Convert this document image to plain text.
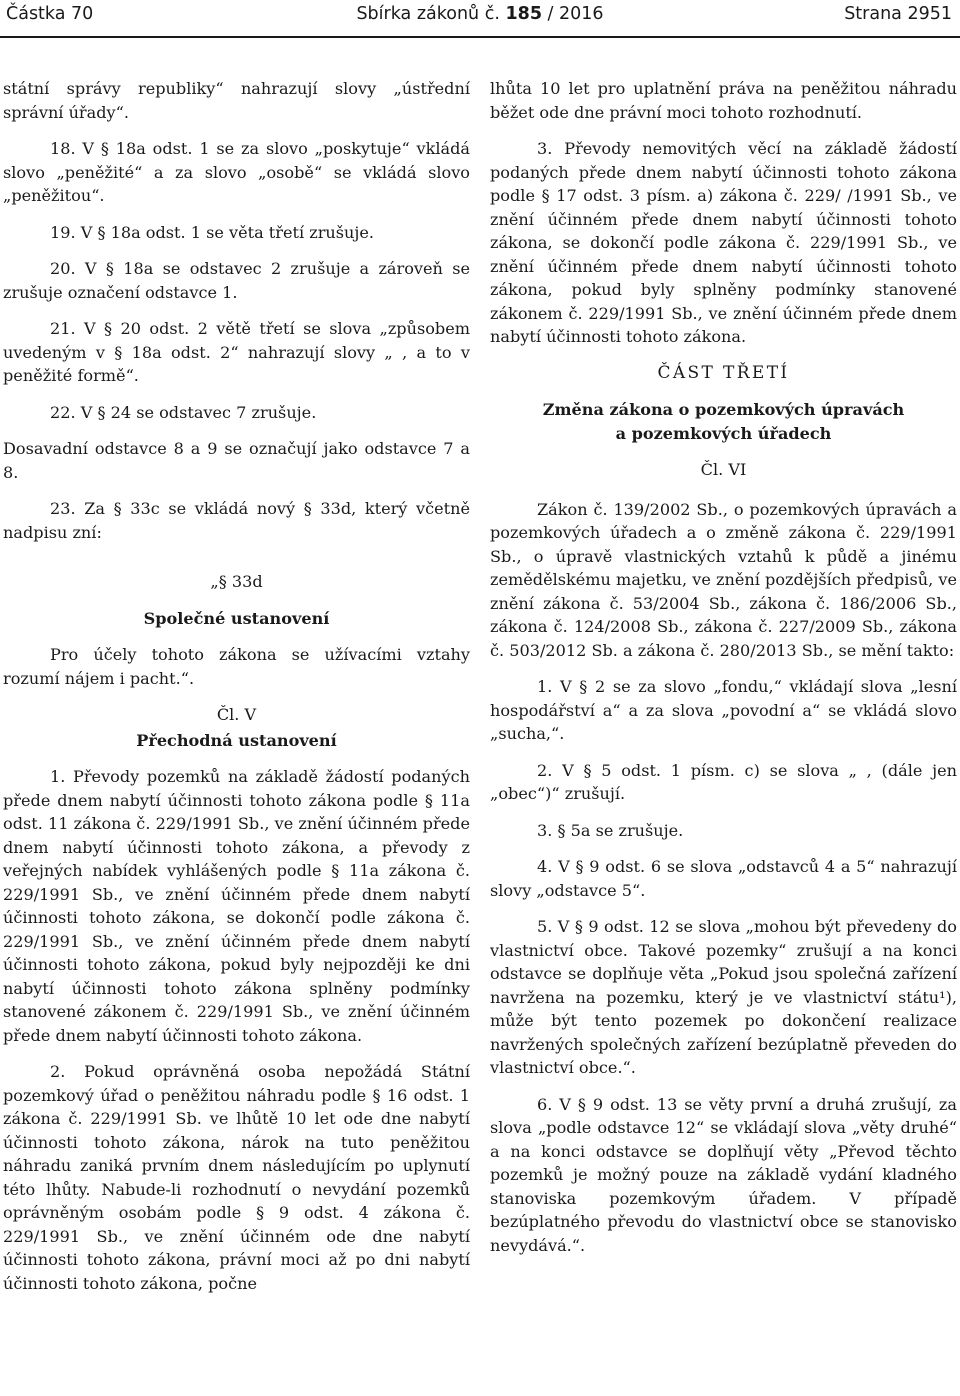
Částka 70	Sbírka zákonů č. 185 / 2016	Strana 2951

státní správy republiky“ nahrazují slovy „ústřední správní úřady“.

18. V § 18a odst. 1 se za slovo „poskytuje“ vkládá slovo „peněžité“ a za slovo „osobě“ se vkládá slovo „peněžitou“.

19. V § 18a odst. 1 se věta třetí zrušuje.

20. V § 18a se odstavec 2 zrušuje a zároveň se zrušuje označení odstavce 1.

21. V § 20 odst. 2 větě třetí se slova „způsobem uvedeným v § 18a odst. 2“ nahrazují slovy „ , a to v peněžité formě“.

22. V § 24 se odstavec 7 zrušuje.

Dosavadní odstavce 8 a 9 se označují jako odstavce 7 a 8.

23. Za § 33c se vkládá nový § 33d, který včetně nadpisu zní:

„§ 33d

Společné ustanovení

Pro účely tohoto zákona se užívacími vztahy rozumí nájem i pacht.“.

Čl. V

Přechodná ustanovení

1. Převody pozemků na základě žádostí podaných přede dnem nabytí účinnosti tohoto zákona podle § 11a odst. 11 zákona č. 229/1991 Sb., ve znění účinném přede dnem nabytí účinnosti tohoto zákona, a převody z veřejných nabídek vyhlášených podle § 11a zákona č. 229/1991 Sb., ve znění účinném přede dnem nabytí účinnosti tohoto zákona, se dokončí podle zákona č. 229/1991 Sb., ve znění účinném přede dnem nabytí účinnosti tohoto zákona, pokud byly nejpozději ke dni nabytí účinnosti tohoto zákona splněny podmínky stanovené zákonem č. 229/1991 Sb., ve znění účinném přede dnem nabytí účinnosti tohoto zákona.

2. Pokud oprávněná osoba nepožádá Státní pozemkový úřad o peněžitou náhradu podle § 16 odst. 1 zákona č. 229/1991 Sb. ve lhůtě 10 let ode dne nabytí účinnosti tohoto zákona, nárok na tuto peněžitou náhradu zaniká prvním dnem následujícím po uplynutí této lhůty. Nabude-li rozhodnutí o nevydání pozemků oprávněným osobám podle § 9 odst. 4 zákona č. 229/1991 Sb., ve znění účinném ode dne nabytí účinnosti tohoto zákona, právní moci až po dni nabytí účinnosti tohoto zákona, počne

lhůta 10 let pro uplatnění práva na peněžitou náhradu běžet ode dne právní moci tohoto rozhodnutí.

3. Převody nemovitých věcí na základě žádostí podaných přede dnem nabytí účinnosti tohoto zákona podle § 17 odst. 3 písm. a) zákona č. 229/ /1991 Sb., ve znění účinném přede dnem nabytí účinnosti tohoto zákona, se dokončí podle zákona č. 229/1991 Sb., ve znění účinném přede dnem nabytí účinnosti tohoto zákona, pokud byly splněny podmínky stanovené zákonem č. 229/1991 Sb., ve znění účinném přede dnem nabytí účinnosti tohoto zákona.

ČÁST TŘETÍ

Změna zákona o pozemkových úpravách
a pozemkových úřadech

Čl. VI

Zákon č. 139/2002 Sb., o pozemkových úpravách a pozemkových úřadech a o změně zákona č. 229/1991 Sb., o úpravě vlastnických vztahů k půdě a jinému zemědělskému majetku, ve znění pozdějších předpisů, ve znění zákona č. 53/2004 Sb., zákona č. 186/2006 Sb., zákona č. 124/2008 Sb., zákona č. 227/2009 Sb., zákona č. 503/2012 Sb. a zákona č. 280/2013 Sb., se mění takto:

1. V § 2 se za slovo „fondu,“ vkládají slova „lesní hospodářství a“ a za slova „povodní a“ se vkládá slovo „sucha,“.

2. V § 5 odst. 1 písm. c) se slova „ , (dále jen „obec“)“ zrušují.

3. § 5a se zrušuje.

4. V § 9 odst. 6 se slova „odstavců 4 a 5“ nahrazují slovy „odstavce 5“.

5. V § 9 odst. 12 se slova „mohou být převedeny do vlastnictví obce. Takové pozemky“ zrušují a na konci odstavce se doplňuje věta „Pokud jsou společná zařízení navržena na pozemku, který je ve vlastnictví státu¹), může být tento pozemek po dokončení realizace navržených společných zařízení bezúplatně převeden do vlastnictví obce.“.

6. V § 9 odst. 13 se věty první a druhá zrušují, za slova „podle odstavce 12“ se vkládají slova „věty druhé“ a na konci odstavce se doplňují věty „Převod těchto pozemků je možný pouze na základě vydání kladného stanoviska pozemkovým úřadem. V případě bezúplatného převodu do vlastnictví obce se stanovisko nevydává.“.
